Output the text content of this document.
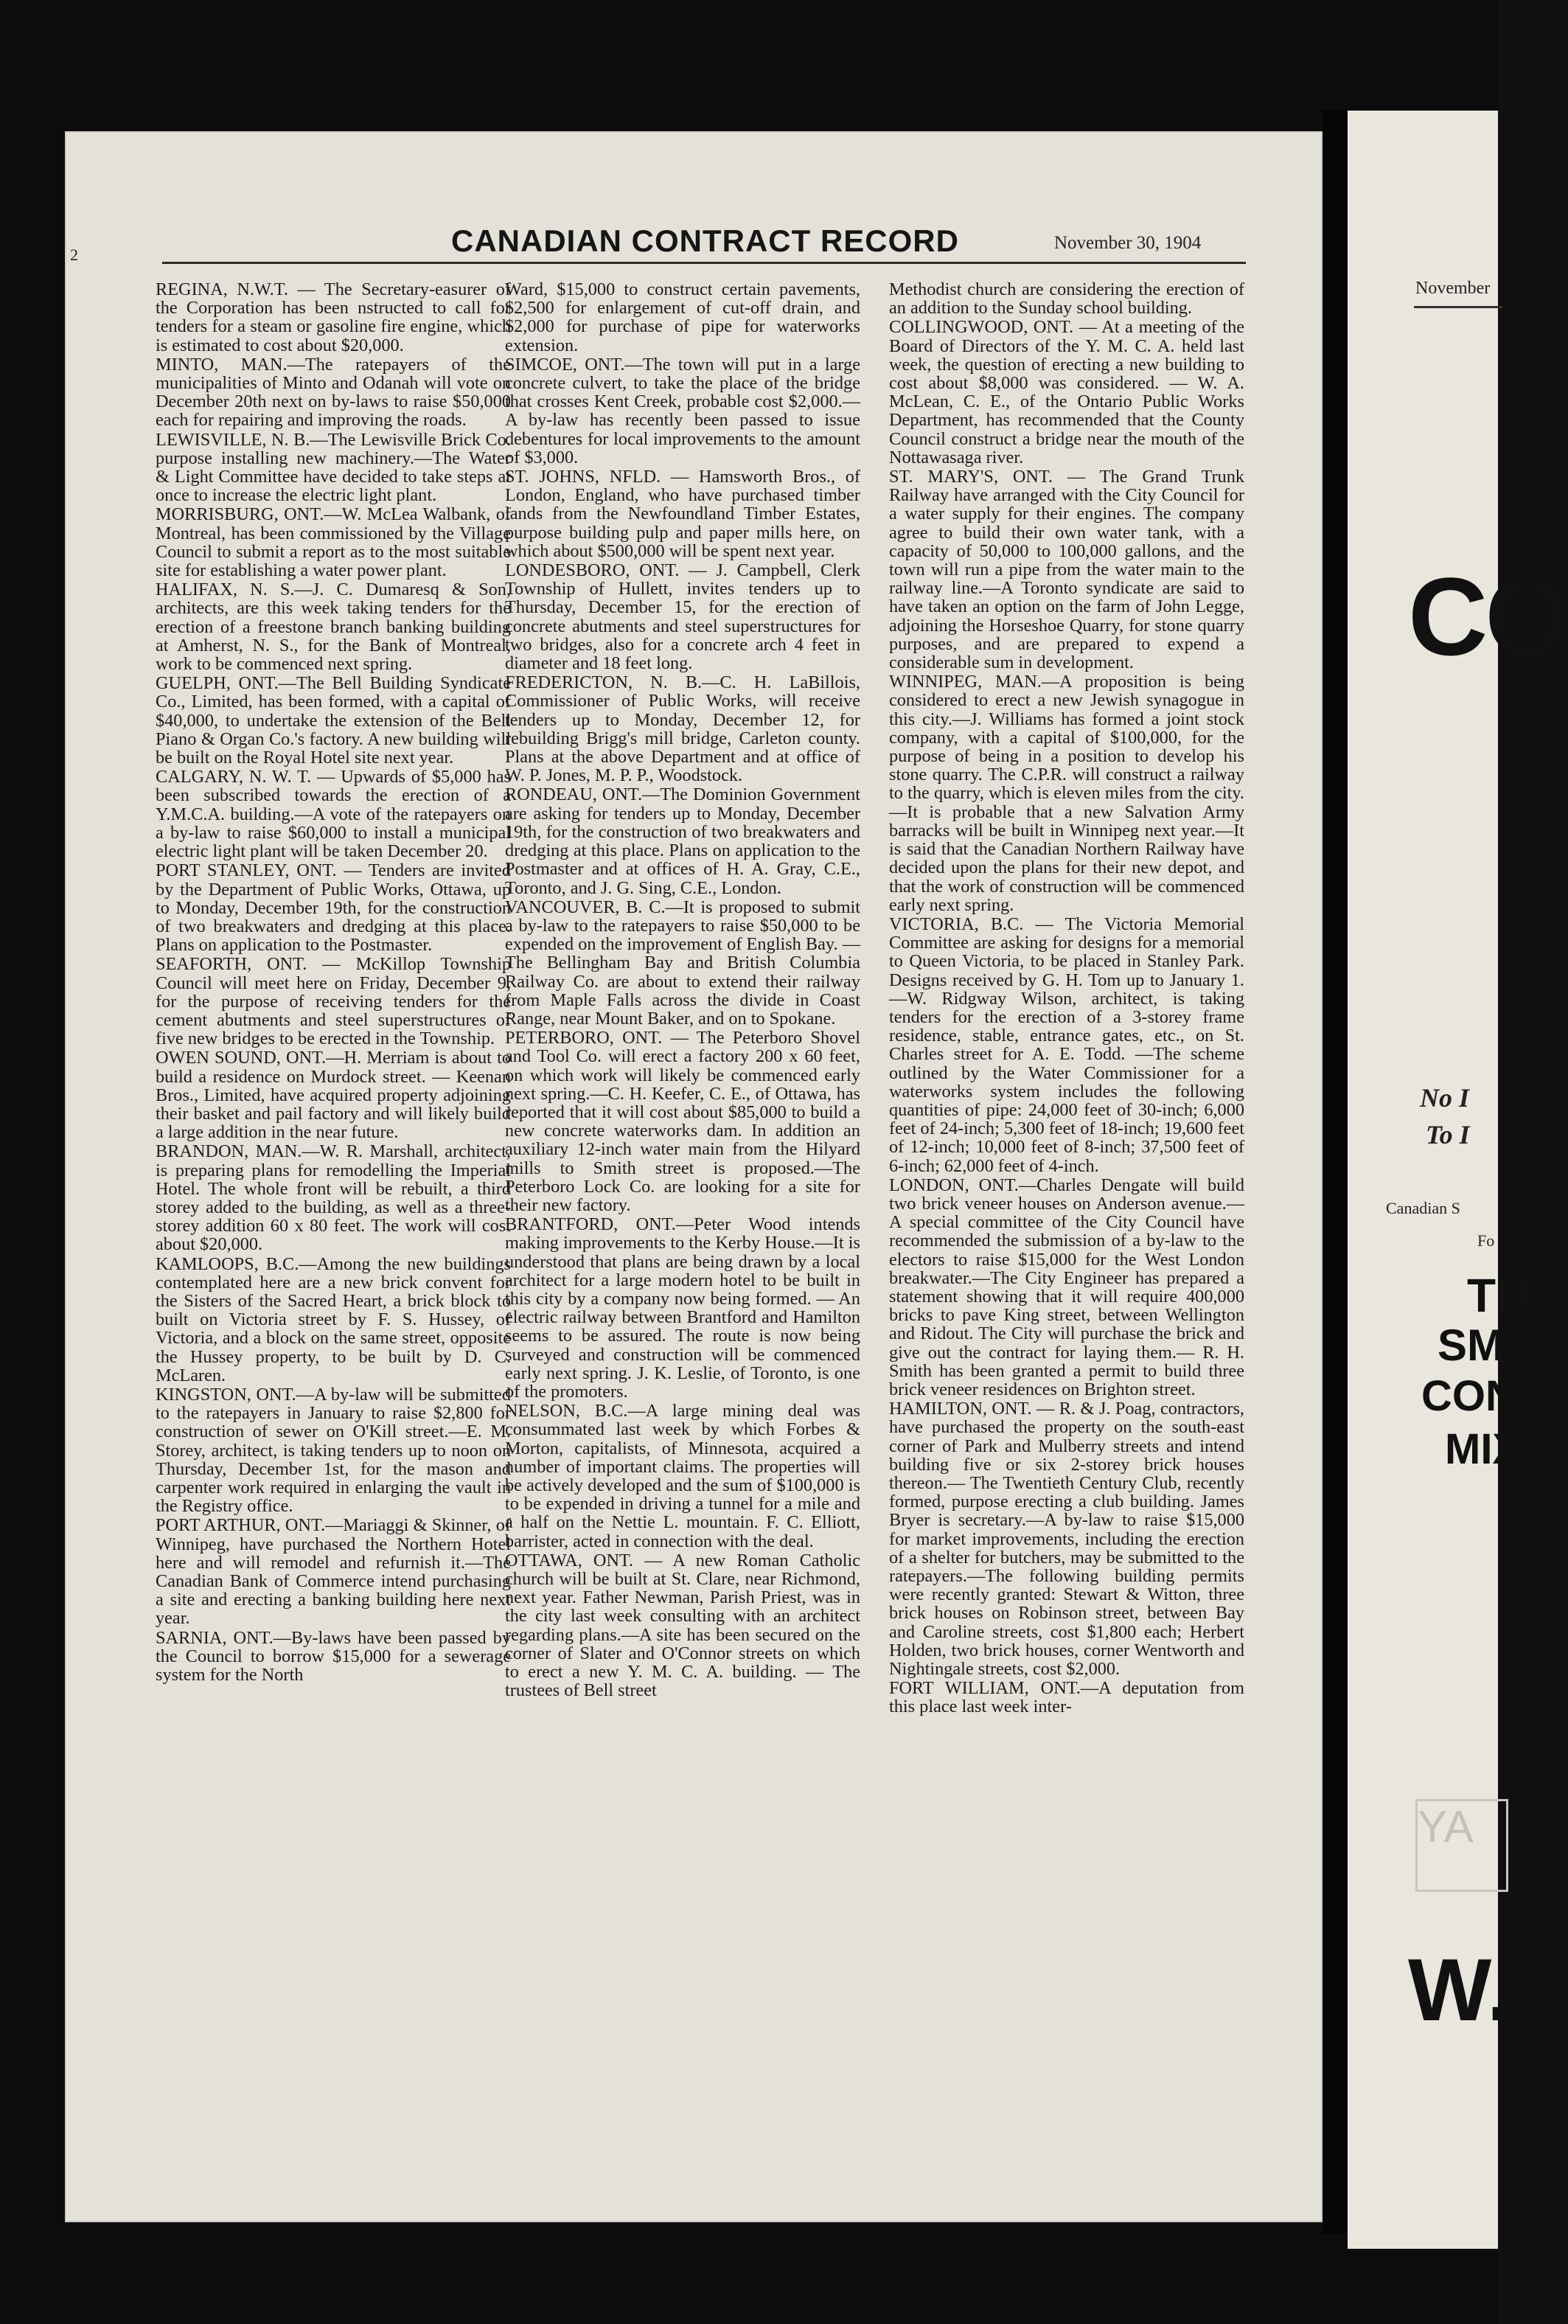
2	CANADIAN CONTRACT RECORD	November 30, 1904

REGINA, N.W.T. — The Secretary-easurer of the Corporation has been nstructed to call for tenders for a steam or gasoline fire engine, which is estimated to cost about $20,000.

MINTO, MAN.—The ratepayers of the municipalities of Minto and Odanah will vote on December 20th next on by-laws to raise $50,000 each for repairing and improving the roads.

LEWISVILLE, N. B.—The Lewisville Brick Co. purpose installing new machinery.—The Water & Light Committee have decided to take steps at once to increase the electric light plant.

MORRISBURG, ONT.—W. McLea Walbank, of Montreal, has been commissioned by the Village Council to submit a report as to the most suitable site for establishing a water power plant.

HALIFAX, N. S.—J. C. Dumaresq & Son, architects, are this week taking tenders for the erection of a freestone branch banking building at Amherst, N. S., for the Bank of Montreal, work to be commenced next spring.

GUELPH, ONT.—The Bell Building Syndicate Co., Limited, has been formed, with a capital of $40,000, to undertake the extension of the Bell Piano & Organ Co.'s factory. A new building will be built on the Royal Hotel site next year.

CALGARY, N. W. T. — Upwards of $5,000 has been subscribed towards the erection of a Y.M.C.A. building.—A vote of the ratepayers on a by-law to raise $60,000 to install a municipal electric light plant will be taken December 20.

PORT STANLEY, ONT. — Tenders are invited by the Department of Public Works, Ottawa, up to Monday, December 19th, for the construction of two breakwaters and dredging at this place. Plans on application to the Postmaster.

SEAFORTH, ONT. — McKillop Township Council will meet here on Friday, December 9, for the purpose of receiving tenders for the cement abutments and steel superstructures of five new bridges to be erected in the Township.

OWEN SOUND, ONT.—H. Merriam is about to build a residence on Murdock street. — Keenan Bros., Limited, have acquired property adjoining their basket and pail factory and will likely build a large addition in the near future.

BRANDON, MAN.—W. R. Marshall, architect, is preparing plans for remodelling the Imperial Hotel. The whole front will be rebuilt, a third storey added to the building, as well as a three-storey addition 60 x 80 feet. The work will cost about $20,000.

KAMLOOPS, B.C.—Among the new buildings contemplated here are a new brick convent for the Sisters of the Sacred Heart, a brick block to built on Victoria street by F. S. Hussey, of Victoria, and a block on the same street, opposite the Hussey property, to be built by D. C. McLaren.

KINGSTON, ONT.—A by-law will be submitted to the ratepayers in January to raise $2,800 for construction of sewer on O'Kill street.—E. M. Storey, architect, is taking tenders up to noon on Thursday, December 1st, for the mason and carpenter work required in enlarging the vault in the Registry office.

PORT ARTHUR, ONT.—Mariaggi & Skinner, of Winnipeg, have purchased the Northern Hotel here and will remodel and refurnish it.—The Canadian Bank of Commerce intend purchasing a site and erecting a banking building here next year.

SARNIA, ONT.—By-laws have been passed by the Council to borrow $15,000 for a sewerage system for the North

Ward, $15,000 to construct certain pavements, $2,500 for enlargement of cut-off drain, and $2,000 for purchase of pipe for waterworks extension.

SIMCOE, ONT.—The town will put in a large concrete culvert, to take the place of the bridge that crosses Kent Creek, probable cost $2,000.—A by-law has recently been passed to issue debentures for local improvements to the amount of $3,000.

ST. JOHNS, NFLD. — Hamsworth Bros., of London, England, who have purchased timber lands from the Newfoundland Timber Estates, purpose building pulp and paper mills here, on which about $500,000 will be spent next year.

LONDESBORO, ONT. — J. Campbell, Clerk Township of Hullett, invites tenders up to Thursday, December 15, for the erection of concrete abutments and steel superstructures for two bridges, also for a concrete arch 4 feet in diameter and 18 feet long.

FREDERICTON, N. B.—C. H. LaBillois, Commissioner of Public Works, will receive tenders up to Monday, December 12, for rebuilding Brigg's mill bridge, Carleton county. Plans at the above Department and at office of W. P. Jones, M. P. P., Woodstock.

RONDEAU, ONT.—The Dominion Government are asking for tenders up to Monday, December 19th, for the construction of two breakwaters and dredging at this place. Plans on application to the Postmaster and at offices of H. A. Gray, C.E., Toronto, and J. G. Sing, C.E., London.

VANCOUVER, B. C.—It is proposed to submit a by-law to the ratepayers to raise $50,000 to be expended on the improvement of English Bay. — The Bellingham Bay and British Columbia Railway Co. are about to extend their railway from Maple Falls across the divide in Coast Range, near Mount Baker, and on to Spokane.

PETERBORO, ONT. — The Peterboro Shovel and Tool Co. will erect a factory 200 x 60 feet, on which work will likely be commenced early next spring.—C. H. Keefer, C. E., of Ottawa, has reported that it will cost about $85,000 to build a new concrete waterworks dam. In addition an auxiliary 12-inch water main from the Hilyard mills to Smith street is proposed.—The Peterboro Lock Co. are looking for a site for their new factory.

BRANTFORD, ONT.—Peter Wood intends making improvements to the Kerby House.—It is understood that plans are being drawn by a local architect for a large modern hotel to be built in this city by a company now being formed. — An electric railway between Brantford and Hamilton seems to be assured. The route is now being surveyed and construction will be commenced early next spring. J. K. Leslie, of Toronto, is one of the promoters.

NELSON, B.C.—A large mining deal was consummated last week by which Forbes & Morton, capitalists, of Minnesota, acquired a number of important claims. The properties will be actively developed and the sum of $100,000 is to be expended in driving a tunnel for a mile and a half on the Nettie L. mountain. F. C. Elliott, barrister, acted in connection with the deal.

OTTAWA, ONT. — A new Roman Catholic church will be built at St. Clare, near Richmond, next year. Father Newman, Parish Priest, was in the city last week consulting with an architect regarding plans.—A site has been secured on the corner of Slater and O'Connor streets on which to erect a new Y. M. C. A. building. — The trustees of Bell street

Methodist church are considering the erection of an addition to the Sunday school building.

COLLINGWOOD, ONT. — At a meeting of the Board of Directors of the Y. M. C. A. held last week, the question of erecting a new building to cost about $8,000 was considered. — W. A. McLean, C. E., of the Ontario Public Works Department, has recommended that the County Council construct a bridge near the mouth of the Nottawasaga river.

ST. MARY'S, ONT. — The Grand Trunk Railway have arranged with the City Council for a water supply for their engines. The company agree to build their own water tank, with a capacity of 50,000 to 100,000 gallons, and the town will run a pipe from the water main to the railway line.—A Toronto syndicate are said to have taken an option on the farm of John Legge, adjoining the Horseshoe Quarry, for stone quarry purposes, and are prepared to expend a considerable sum in development.

WINNIPEG, MAN.—A proposition is being considered to erect a new Jewish synagogue in this city.—J. Williams has formed a joint stock company, with a capital of $100,000, for the purpose of being in a position to develop his stone quarry. The C.P.R. will construct a railway to the quarry, which is eleven miles from the city.—It is probable that a new Salvation Army barracks will be built in Winnipeg next year.—It is said that the Canadian Northern Railway have decided upon the plans for their new depot, and that the work of construction will be commenced early next spring.

VICTORIA, B.C. — The Victoria Memorial Committee are asking for designs for a memorial to Queen Victoria, to be placed in Stanley Park. Designs received by G. H. Tom up to January 1. —W. Ridgway Wilson, architect, is taking tenders for the erection of a 3-storey frame residence, stable, entrance gates, etc., on St. Charles street for A. E. Todd. —The scheme outlined by the Water Commissioner for a waterworks system includes the following quantities of pipe: 24,000 feet of 30-inch; 6,000 feet of 24-inch; 5,300 feet of 18-inch; 19,600 feet of 12-inch; 10,000 feet of 8-inch; 37,500 feet of 6-inch; 62,000 feet of 4-inch.

LONDON, ONT.—Charles Dengate will build two brick veneer houses on Anderson avenue.—A special committee of the City Council have recommended the submission of a by-law to the electors to raise $15,000 for the West London breakwater.—The City Engineer has prepared a statement showing that it will require 400,000 bricks to pave King street, between Wellington and Ridout. The City will purchase the brick and give out the contract for laying them.— R. H. Smith has been granted a permit to build three brick veneer residences on Brighton street.

HAMILTON, ONT. — R. & J. Poag, contractors, have purchased the property on the south-east corner of Park and Mulberry streets and intend building five or six 2-storey brick houses thereon.— The Twentieth Century Club, recently formed, purpose erecting a club building. James Bryer is secretary.—A by-law to raise $15,000 for market improvements, including the erection of a shelter for butchers, may be submitted to the ratepayers.—The following building permits were recently granted: Stewart & Witton, three brick houses on Robinson street, between Bay and Caroline streets, cost $1,800 each; Herbert Holden, two brick houses, corner Wentworth and Nightingale streets, cost $2,000.

FORT WILLIAM, ONT.—A deputation from this place last week inter-

November
CO
No I
To I
Canadian S
Fo
TH
SM
CONC
MIX
YA
W.
